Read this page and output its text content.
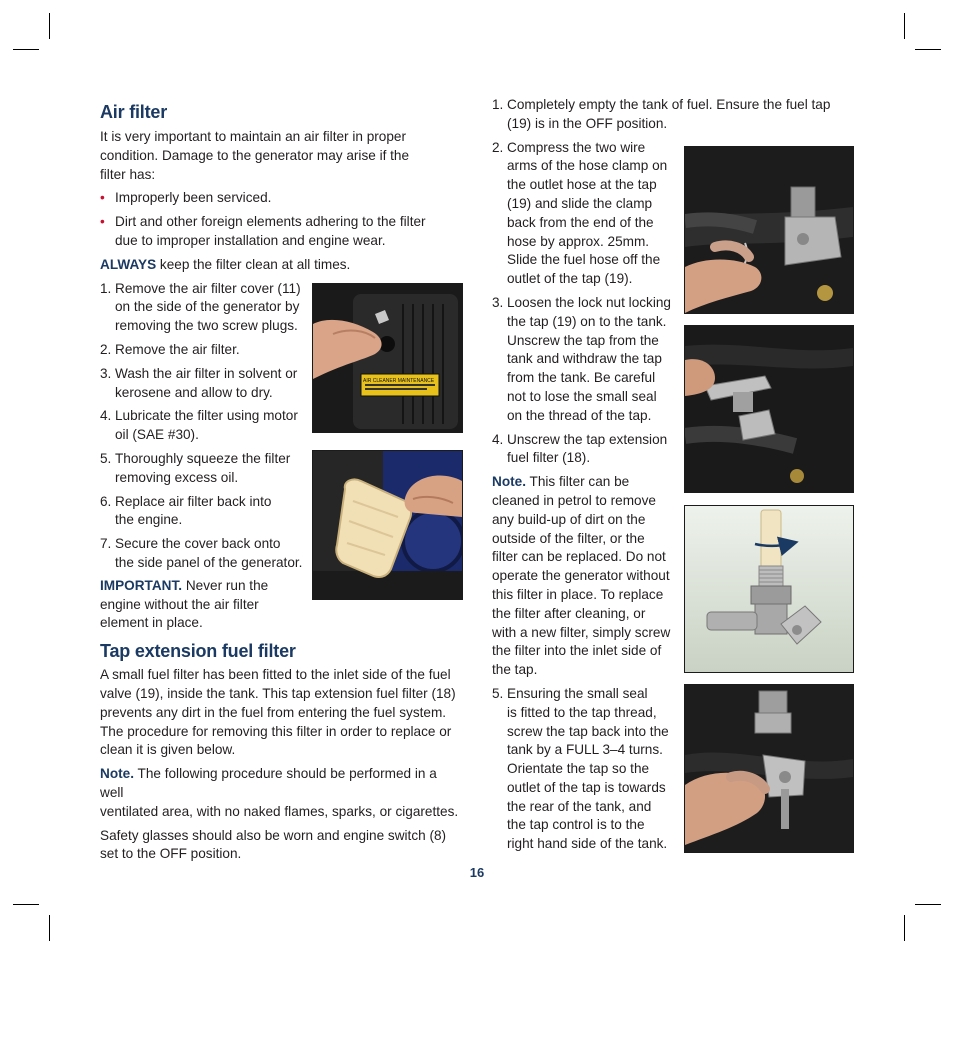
Air filter

It is very important to maintain an air filter in proper
condition. Damage to the generator may arise if the
filter has:

• Improperly been serviced.
• Dirt and other foreign elements adhering to the filter
due to improper installation and engine wear.

ALWAYS keep the filter clean at all times.

1. Remove the air filter cover (11)
on the side of the generator by
removing the two screw plugs.
2. Remove the air filter.
3. Wash the air filter in solvent or
kerosene and allow to dry.
4. Lubricate the filter using motor
oil (SAE #30).
5. Thoroughly squeeze the filter
removing excess oil.
6. Replace air filter back into
the engine.
7. Secure the cover back onto
the side panel of the generator.

IMPORTANT. Never run the
engine without the air filter
element in place.

Tap extension fuel filter

A small fuel filter has been fitted to the inlet side of the fuel
valve (19), inside the tank. This tap extension fuel filter (18)
prevents any dirt in the fuel from entering the fuel system.
The procedure for removing this filter in order to replace or
clean it is given below.

Note. The following procedure should be performed in a well
ventilated area, with no naked flames, sparks, or cigarettes.

Safety glasses should also be worn and engine switch (8)
set to the OFF position.

AIR CLEANER MAINTENANCE
1. Completely empty the tank of fuel. Ensure the fuel tap
(19) is in the OFF position.
2. Compress the two wire
arms of the hose clamp on
the outlet hose at the tap
(19) and slide the clamp
back from the end of the
hose by approx. 25mm.
Slide the fuel hose off the
outlet of the tap (19).
3. Loosen the lock nut locking
the tap (19) on to the tank.
Unscrew the tap from the
tank and withdraw the tap
from the tank. Be careful
not to lose the small seal
on the thread of the tap.
4. Unscrew the tap extension
fuel filter (18).

Note. This filter can be
cleaned in petrol to remove
any build-up of dirt on the
outside of the filter, or the
filter can be replaced. Do not
operate the generator without
this filter in place. To replace
the filter after cleaning, or
with a new filter, simply screw
the filter into the inlet side of
the tap.

5. Ensuring the small seal
is fitted to the tap thread,
screw the tap back into the
tank by a FULL 3–4 turns.
Orientate the tap so the
outlet of the tap is towards
the rear of the tank, and
the tap control is to the
right hand side of the tank.
16
